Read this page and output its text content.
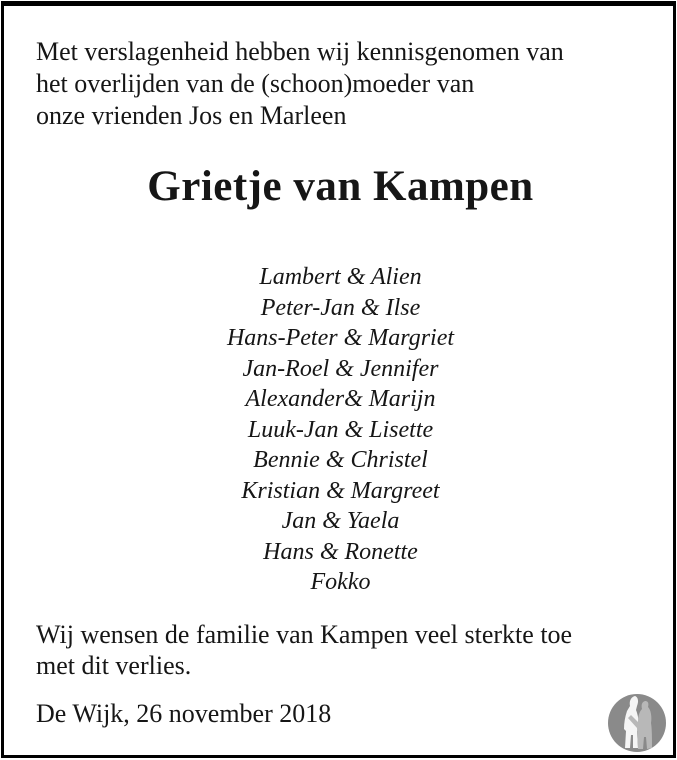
Met verslagenheid hebben wij kennisgenomen van
het overlijden van de (schoon)moeder van
onze vrienden Jos en Marleen
Grietje van Kampen
Lambert & Alien
Peter-Jan & Ilse
Hans-Peter & Margriet
Jan-Roel & Jennifer
Alexander& Marijn
Luuk-Jan & Lisette
Bennie & Christel
Kristian & Margreet
Jan & Yaela
Hans & Ronette
Fokko
Wij wensen de familie van Kampen veel sterkte toe
met dit verlies.
De Wijk, 26 november 2018
